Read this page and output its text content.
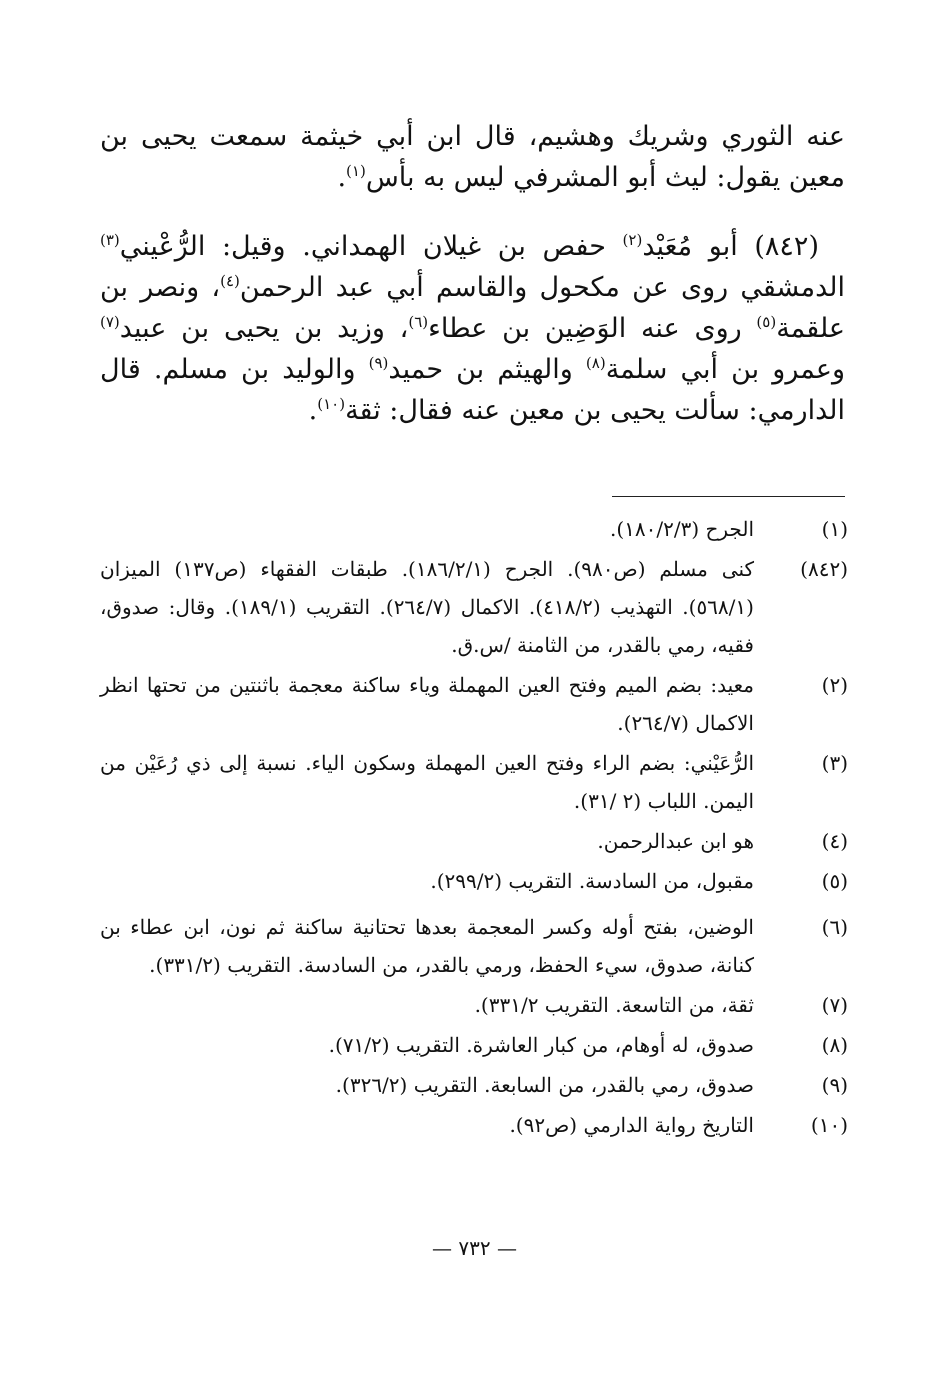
عنه الثوري وشريك وهشيم، قال ابن أبي خيثمة سمعت يحيى بن معين يقول: ليث أبو المشرفي ليس به بأس$^{(١)}$.

(٨٤٢) أبو مُعَيْد$^{(٢)}$ حفص بن غيلان الهمداني. وقيل: الرُّعْيني$^{(٣)}$ الدمشقي روى عن مكحول والقاسم أبي عبد الرحمن$^{(٤)}$، ونصر بن علقمة$^{(٥)}$ روى عنه الوَضِين بن عطاء$^{(٦)}$، وزيد بن يحيى بن عبيد$^{(٧)}$ وعمرو بن أبي سلمة$^{(٨)}$ والهيثم بن حميد$^{(٩)}$ والوليد بن مسلم. قال الدارمي: سألت يحيى بن معين عنه فقال: ثقة$^{(١٠)}$.

(١)
الجرح (١٨٠/٢/٣).
(٨٤٢)
كنى مسلم (ص٩٨٠). الجرح (١٨٦/٢/١). طبقات الفقهاء (ص١٣٧) الميزان (٥٦٨/١). التهذيب (٤١٨/٢). الاكمال (٢٦٤/٧). التقريب (١٨٩/١). وقال: صدوق، فقيه، رمي بالقدر، من الثامنة /س.ق.
(٢)
معيد: بضم الميم وفتح العين المهملة وياء ساكنة معجمة باثنتين من تحتها انظر الاكمال (٢٦٤/٧).
(٣)
الرُّعَيْني: بضم الراء وفتح العين المهملة وسكون الياء. نسبة إلى ذي رُعَيْن من اليمن. اللباب (٢ /٣١).
(٤)
هو ابن عبدالرحمن.
(٥)
مقبول، من السادسة. التقريب (٢٩٩/٢).
(٦)
الوضين، بفتح أوله وكسر المعجمة بعدها تحتانية ساكنة ثم نون، ابن عطاء بن كنانة، صدوق، سيء الحفظ، ورمي بالقدر، من السادسة. التقريب (٣٣١/٢).
(٧)
ثقة، من التاسعة. التقريب ٣٣١/٢).
(٨)
صدوق، له أوهام، من كبار العاشرة. التقريب (٧١/٢).
(٩)
صدوق، رمي بالقدر، من السابعة. التقريب (٣٢٦/٢).
(١٠)
التاريخ رواية الدارمي (ص٩٢).
— ٧٣٢ —
